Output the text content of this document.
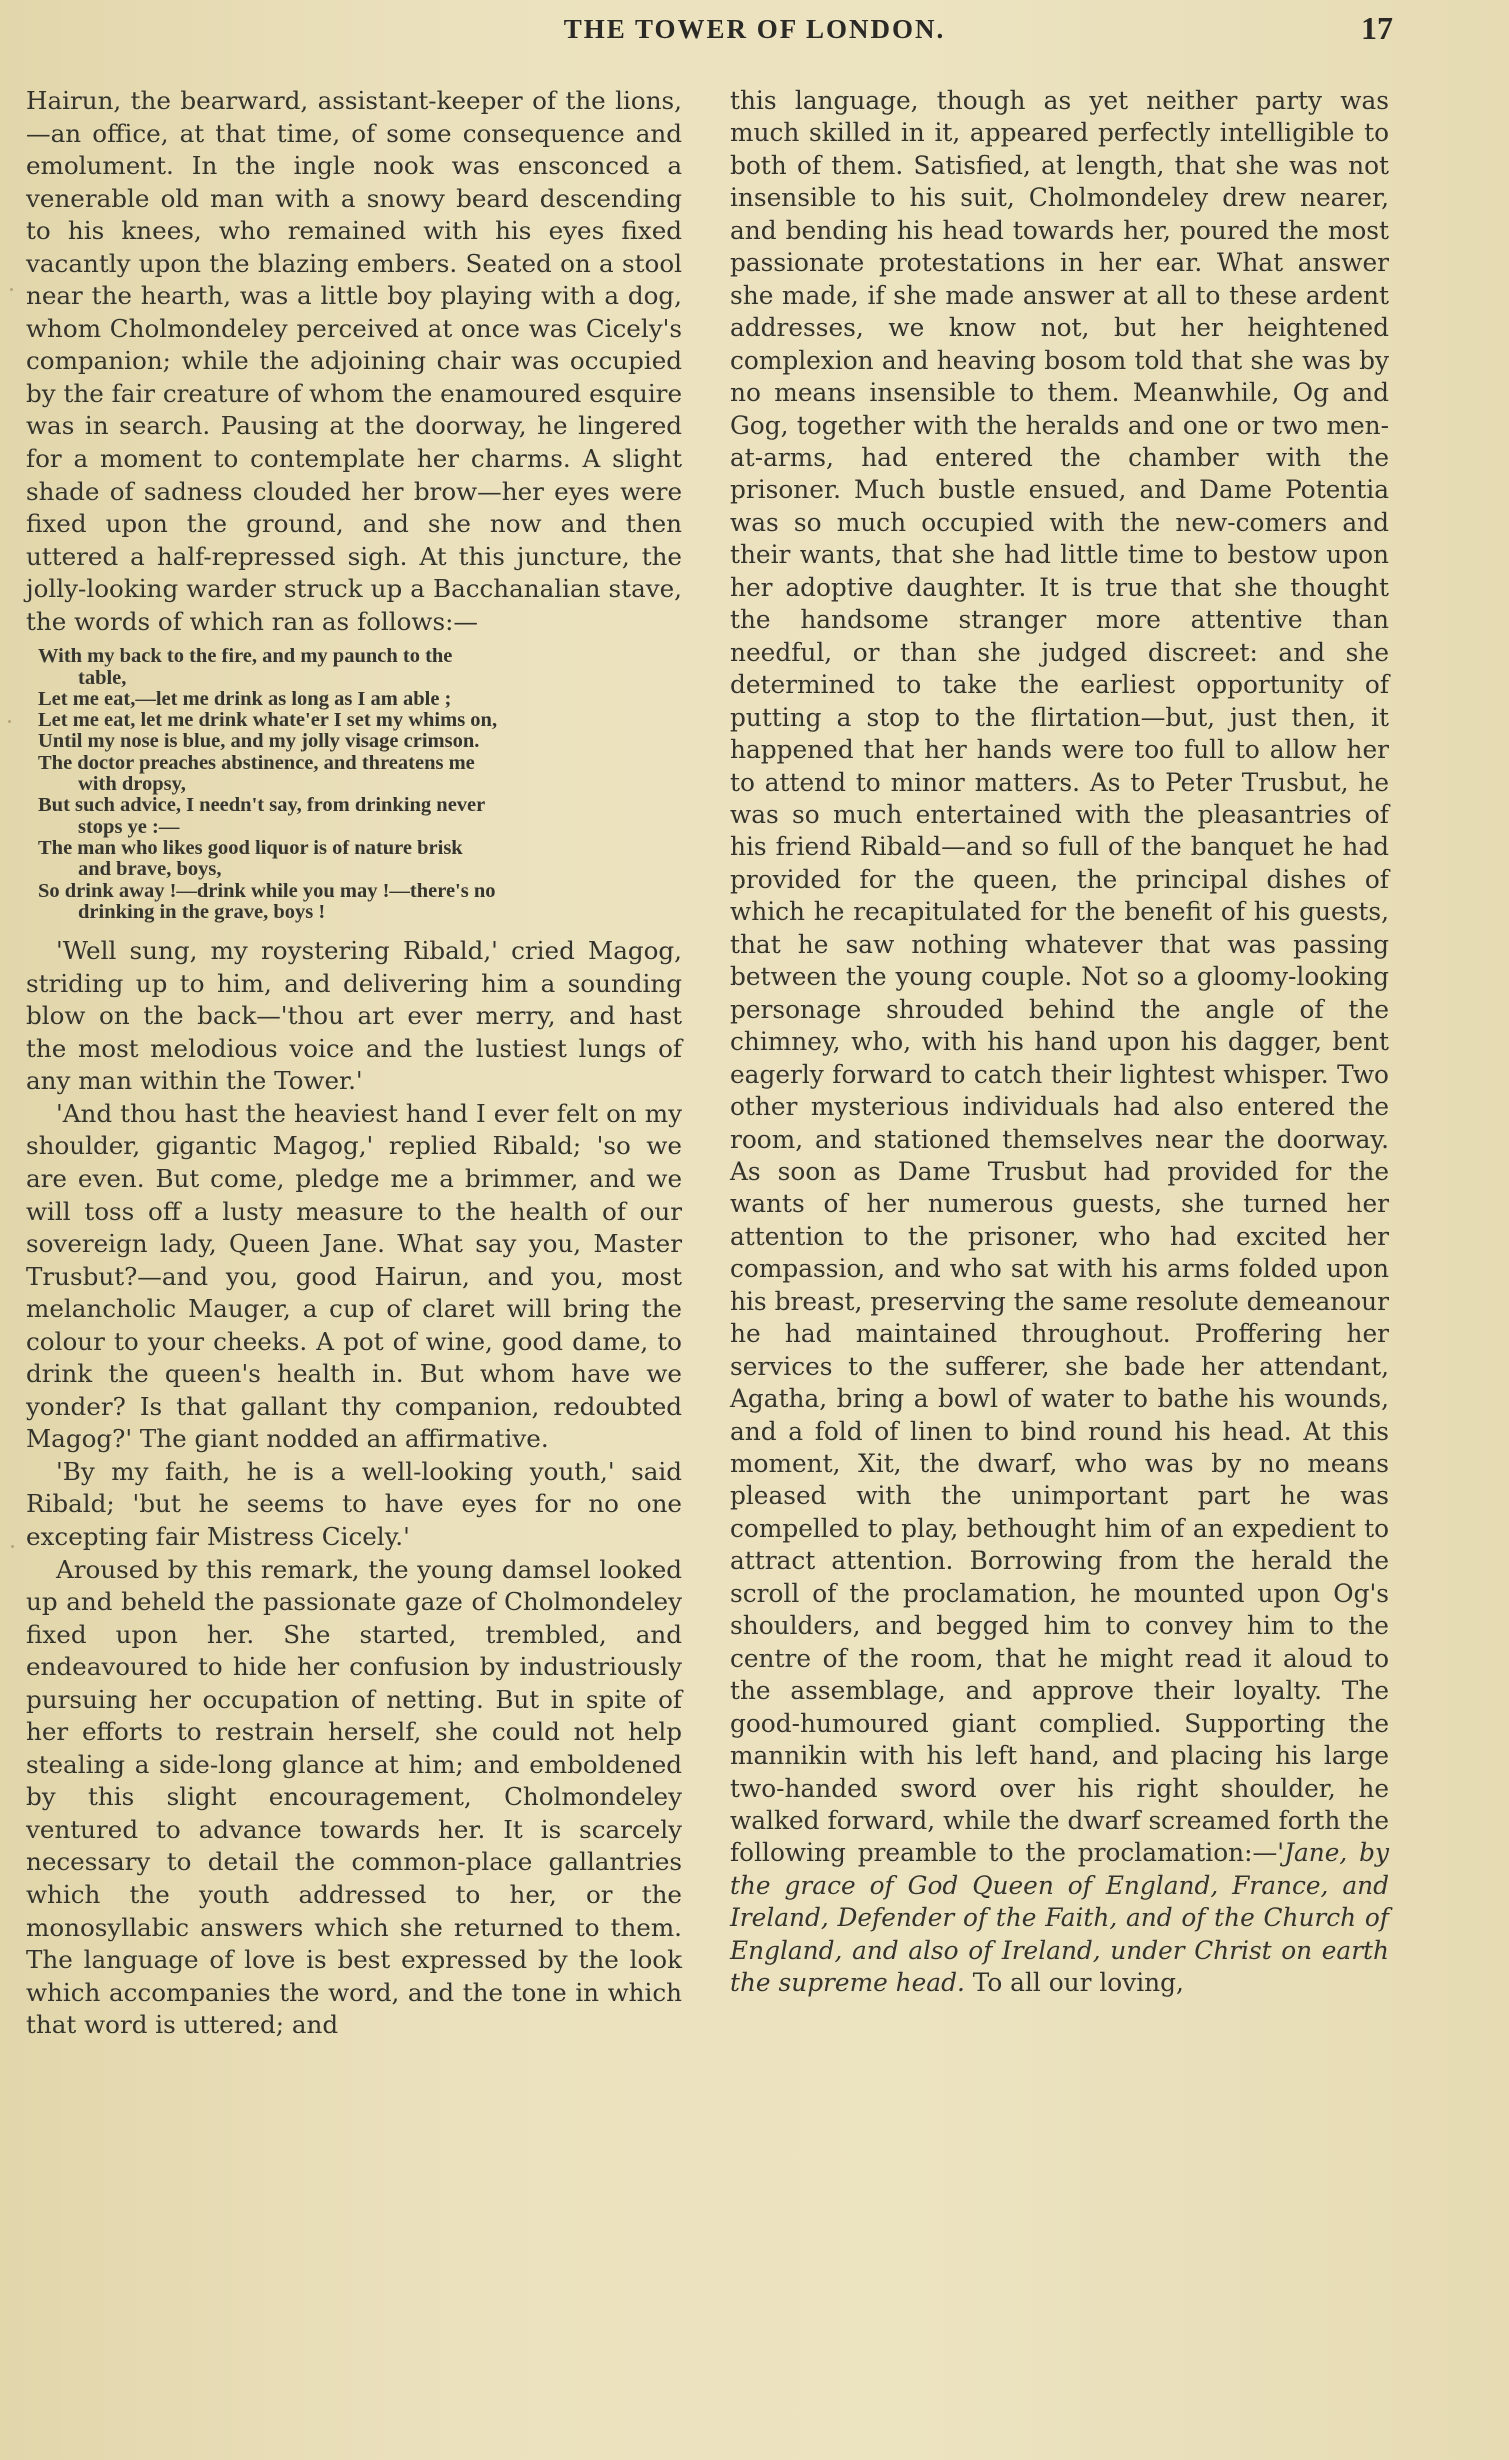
THE TOWER OF LONDON.	17

Hairun, the bearward, assistant-keeper of the lions,—an office, at that time, of some consequence and emolument. In the ingle nook was ensconced a venerable old man with a snowy beard descending to his knees, who remained with his eyes fixed vacantly upon the blazing embers. Seated on a stool near the hearth, was a little boy playing with a dog, whom Cholmondeley perceived at once was Cicely's companion; while the adjoining chair was occupied by the fair creature of whom the enamoured esquire was in search. Pausing at the doorway, he lingered for a moment to contemplate her charms. A slight shade of sadness clouded her brow—her eyes were fixed upon the ground, and she now and then uttered a half-repressed sigh. At this juncture, the jolly-looking warder struck up a Bacchanalian stave, the words of which ran as follows:—

With my back to the fire, and my paunch to the
table,
Let me eat,—let me drink as long as I am able ;
Let me eat, let me drink whate'er I set my whims on,
Until my nose is blue, and my jolly visage crimson.
The doctor preaches abstinence, and threatens me
with dropsy,
But such advice, I needn't say, from drinking never
stops ye :—
The man who likes good liquor is of nature brisk
and brave, boys,
So drink away !—drink while you may !—there's no
drinking in the grave, boys !

'Well sung, my roystering Ribald,' cried Magog, striding up to him, and delivering him a sounding blow on the back—'thou art ever merry, and hast the most melodious voice and the lustiest lungs of any man within the Tower.'

'And thou hast the heaviest hand I ever felt on my shoulder, gigantic Magog,' replied Ribald; 'so we are even. But come, pledge me a brimmer, and we will toss off a lusty measure to the health of our sovereign lady, Queen Jane. What say you, Master Trusbut?—and you, good Hairun, and you, most melancholic Mauger, a cup of claret will bring the colour to your cheeks. A pot of wine, good dame, to drink the queen's health in. But whom have we yonder? Is that gallant thy companion, redoubted Magog?' The giant nodded an affirmative.

'By my faith, he is a well-looking youth,' said Ribald; 'but he seems to have eyes for no one excepting fair Mistress Cicely.'

Aroused by this remark, the young damsel looked up and beheld the passionate gaze of Cholmondeley fixed upon her. She started, trembled, and endeavoured to hide her confusion by industriously pursuing her occupation of netting. But in spite of her efforts to restrain herself, she could not help stealing a side-long glance at him; and emboldened by this slight encouragement, Cholmondeley ventured to advance towards her. It is scarcely necessary to detail the common-place gallantries which the youth addressed to her, or the monosyllabic answers which she returned to them. The language of love is best expressed by the look which accompanies the word, and the tone in which that word is uttered; and

this language, though as yet neither party was much skilled in it, appeared perfectly intelligible to both of them. Satisfied, at length, that she was not insensible to his suit, Cholmondeley drew nearer, and bending his head towards her, poured the most passionate protestations in her ear. What answer she made, if she made answer at all to these ardent addresses, we know not, but her heightened complexion and heaving bosom told that she was by no means insensible to them. Meanwhile, Og and Gog, together with the heralds and one or two men-at-arms, had entered the chamber with the prisoner. Much bustle ensued, and Dame Potentia was so much occupied with the new-comers and their wants, that she had little time to bestow upon her adoptive daughter. It is true that she thought the handsome stranger more attentive than needful, or than she judged discreet: and she determined to take the earliest opportunity of putting a stop to the flirtation—but, just then, it happened that her hands were too full to allow her to attend to minor matters. As to Peter Trusbut, he was so much entertained with the pleasantries of his friend Ribald—and so full of the banquet he had provided for the queen, the principal dishes of which he recapitulated for the benefit of his guests, that he saw nothing whatever that was passing between the young couple. Not so a gloomy-looking personage shrouded behind the angle of the chimney, who, with his hand upon his dagger, bent eagerly forward to catch their lightest whisper. Two other mysterious individuals had also entered the room, and stationed themselves near the doorway. As soon as Dame Trusbut had provided for the wants of her numerous guests, she turned her attention to the prisoner, who had excited her compassion, and who sat with his arms folded upon his breast, preserving the same resolute demeanour he had maintained throughout. Proffering her services to the sufferer, she bade her attendant, Agatha, bring a bowl of water to bathe his wounds, and a fold of linen to bind round his head. At this moment, Xit, the dwarf, who was by no means pleased with the unimportant part he was compelled to play, bethought him of an expedient to attract attention. Borrowing from the herald the scroll of the proclamation, he mounted upon Og's shoulders, and begged him to convey him to the centre of the room, that he might read it aloud to the assemblage, and approve their loyalty. The good-humoured giant complied. Supporting the mannikin with his left hand, and placing his large two-handed sword over his right shoulder, he walked forward, while the dwarf screamed forth the following preamble to the proclamation:—'Jane, by the grace of God Queen of England, France, and Ireland, Defender of the Faith, and of the Church of England, and also of Ireland, under Christ on earth the supreme head. To all our loving,
